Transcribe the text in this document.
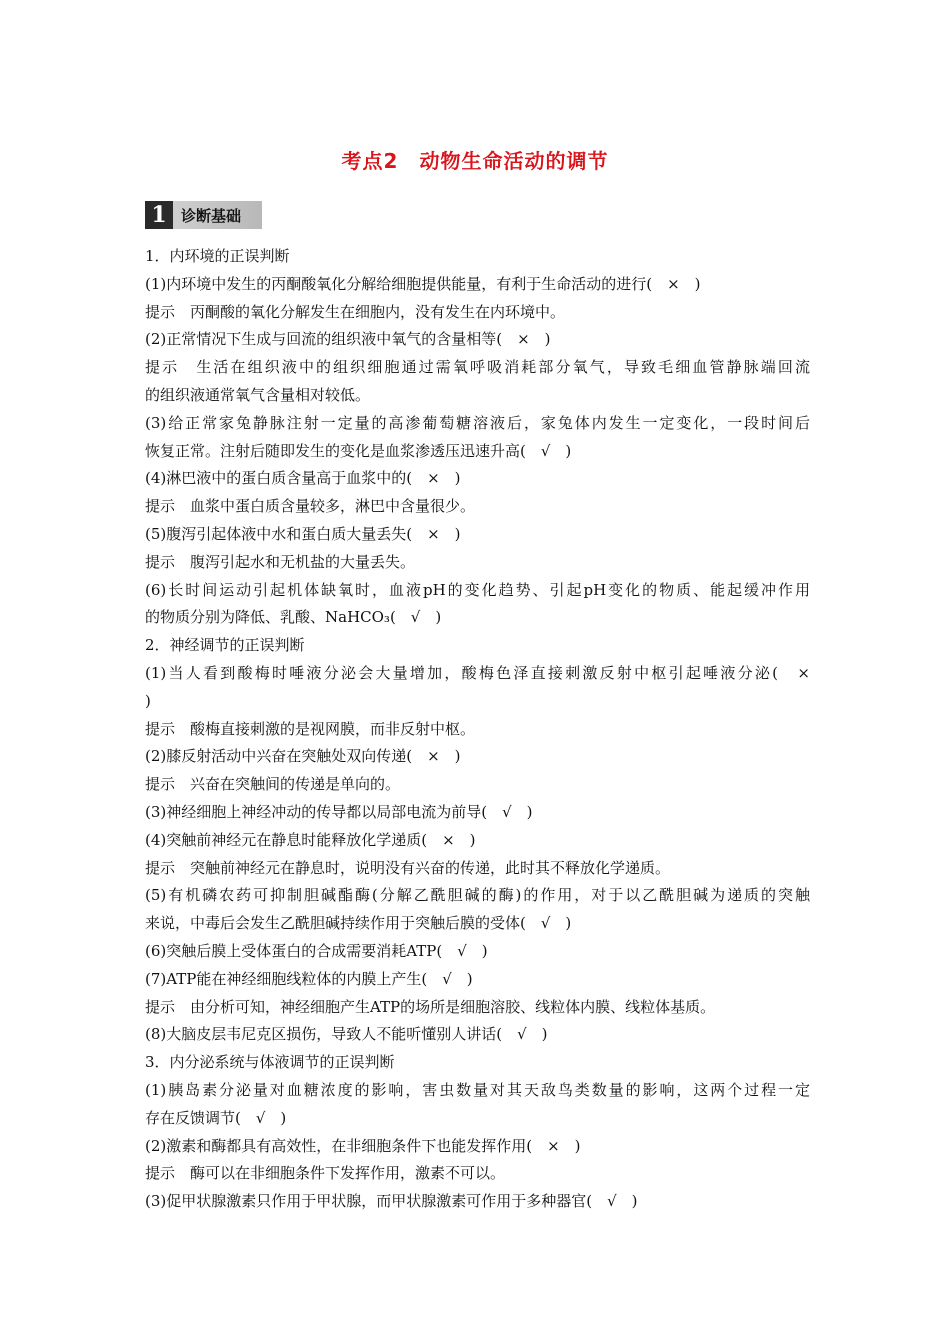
考点2　动物生命活动的调节
1 诊断基础
1．内环境的正误判断
(1)内环境中发生的丙酮酸氧化分解给细胞提供能量，有利于生命活动的进行(　×　)
提示　丙酮酸的氧化分解发生在细胞内，没有发生在内环境中。
(2)正常情况下生成与回流的组织液中氧气的含量相等(　×　)
提示　生活在组织液中的组织细胞通过需氧呼吸消耗部分氧气，导致毛细血管静脉端回流
的组织液通常氧气含量相对较低。
(3)给正常家兔静脉注射一定量的高渗葡萄糖溶液后，家兔体内发生一定变化，一段时间后
恢复正常。注射后随即发生的变化是血浆渗透压迅速升高(　√　)
(4)淋巴液中的蛋白质含量高于血浆中的(　×　)
提示　血浆中蛋白质含量较多，淋巴中含量很少。
(5)腹泻引起体液中水和蛋白质大量丢失(　×　)
提示　腹泻引起水和无机盐的大量丢失。
(6)长时间运动引起机体缺氧时，血液pH的变化趋势、引起pH变化的物质、能起缓冲作用
的物质分别为降低、乳酸、NaHCO₃(　√　)
2．神经调节的正误判断
(1)当人看到酸梅时唾液分泌会大量增加，酸梅色泽直接刺激反射中枢引起唾液分泌(　×
)
提示　酸梅直接刺激的是视网膜，而非反射中枢。
(2)膝反射活动中兴奋在突触处双向传递(　×　)
提示　兴奋在突触间的传递是单向的。
(3)神经细胞上神经冲动的传导都以局部电流为前导(　√　)
(4)突触前神经元在静息时能释放化学递质(　×　)
提示　突触前神经元在静息时，说明没有兴奋的传递，此时其不释放化学递质。
(5)有机磷农药可抑制胆碱酯酶(分解乙酰胆碱的酶)的作用，对于以乙酰胆碱为递质的突触
来说，中毒后会发生乙酰胆碱持续作用于突触后膜的受体(　√　)
(6)突触后膜上受体蛋白的合成需要消耗ATP(　√　)
(7)ATP能在神经细胞线粒体的内膜上产生(　√　)
提示　由分析可知，神经细胞产生ATP的场所是细胞溶胶、线粒体内膜、线粒体基质。
(8)大脑皮层韦尼克区损伤，导致人不能听懂别人讲话(　√　)
3．内分泌系统与体液调节的正误判断
(1)胰岛素分泌量对血糖浓度的影响，害虫数量对其天敌鸟类数量的影响，这两个过程一定
存在反馈调节(　√　)
(2)激素和酶都具有高效性，在非细胞条件下也能发挥作用(　×　)
提示　酶可以在非细胞条件下发挥作用，激素不可以。
(3)促甲状腺激素只作用于甲状腺，而甲状腺激素可作用于多种器官(　√　)
